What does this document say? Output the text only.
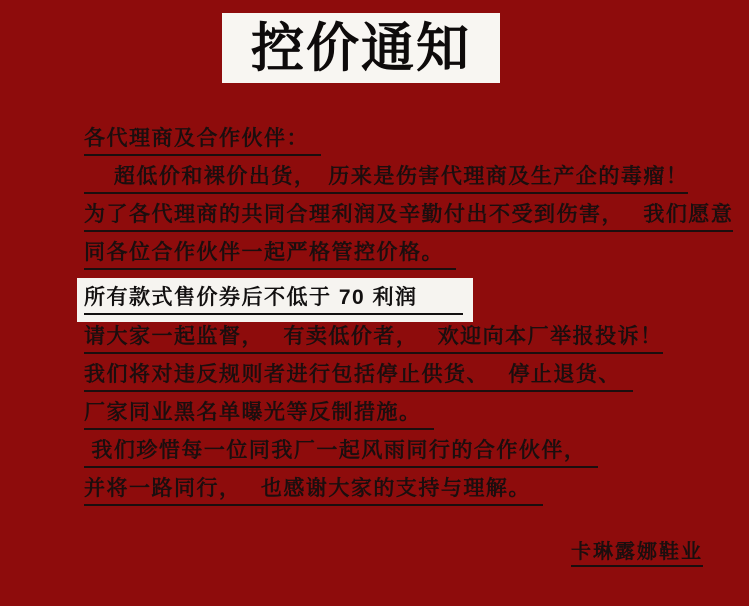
控价通知
各代理商及合作伙伴：　
　 超低价和裸价出货，　历来是伤害代理商及生产企的毒瘤！
为了各代理商的共同合理利润及辛勤付出不受到伤害，　 我们愿意
同各位合作伙伴一起严格管控价格。　
所有款式售价券后不低于 70 利润　　
请大家一起监督，　 有卖低价者，　 欢迎向本厂举报投诉！
我们将对违反规则者进行包括停止供货、　 停止退货、　
厂家同业黑名单曝光等反制措施。　
我们珍惜每一位同我厂一起风雨同行的合作伙伴，　
并将一路同行，　 也感谢大家的支持与理解。　
卡琳露娜鞋业
